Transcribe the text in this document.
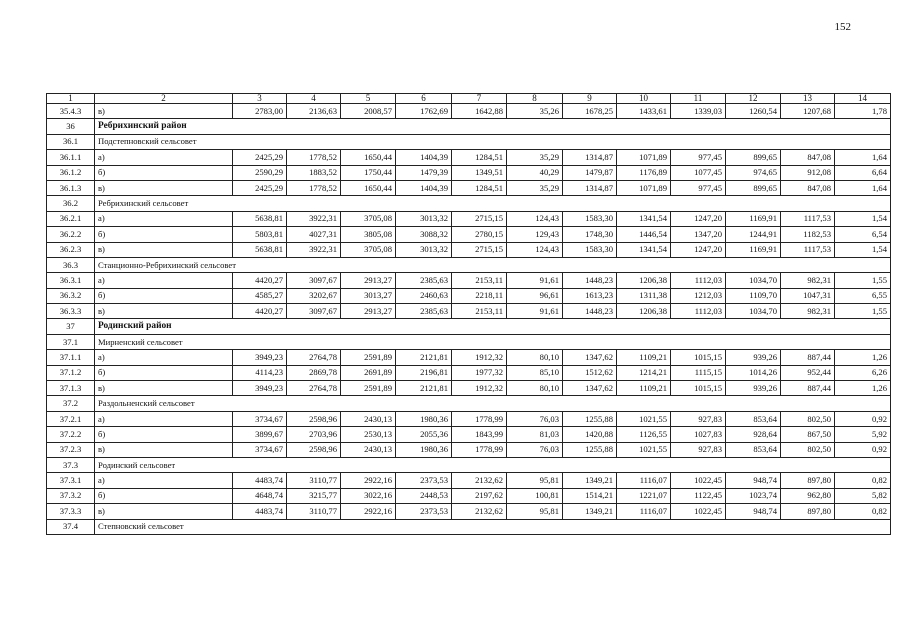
152
1	2	3	4	5	6	7	8	9	10	11	12	13	14
35.4.3	в)	2783,00	2136,63	2008,57	1762,69	1642,88	35,26	1678,25	1433,61	1339,03	1260,54	1207,68	1,78
36	Ребрихинский район												
36.1	Подстепновский сельсовет												
36.1.1	а)	2425,29	1778,52	1650,44	1404,39	1284,51	35,29	1314,87	1071,89	977,45	899,65	847,08	1,64
36.1.2	б)	2590,29	1883,52	1750,44	1479,39	1349,51	40,29	1479,87	1176,89	1077,45	974,65	912,08	6,64
36.1.3	в)	2425,29	1778,52	1650,44	1404,39	1284,51	35,29	1314,87	1071,89	977,45	899,65	847,08	1,64
36.2	Ребрихинский сельсовет												
36.2.1	а)	5638,81	3922,31	3705,08	3013,32	2715,15	124,43	1583,30	1341,54	1247,20	1169,91	1117,53	1,54
36.2.2	б)	5803,81	4027,31	3805,08	3088,32	2780,15	129,43	1748,30	1446,54	1347,20	1244,91	1182,53	6,54
36.2.3	в)	5638,81	3922,31	3705,08	3013,32	2715,15	124,43	1583,30	1341,54	1247,20	1169,91	1117,53	1,54
36.3	Станционно-Ребрихинский сельсовет												
36.3.1	а)	4420,27	3097,67	2913,27	2385,63	2153,11	91,61	1448,23	1206,38	1112,03	1034,70	982,31	1,55
36.3.2	б)	4585,27	3202,67	3013,27	2460,63	2218,11	96,61	1613,23	1311,38	1212,03	1109,70	1047,31	6,55
36.3.3	в)	4420,27	3097,67	2913,27	2385,63	2153,11	91,61	1448,23	1206,38	1112,03	1034,70	982,31	1,55
37	Родинский район												
37.1	Мирненский сельсовет												
37.1.1	а)	3949,23	2764,78	2591,89	2121,81	1912,32	80,10	1347,62	1109,21	1015,15	939,26	887,44	1,26
37.1.2	б)	4114,23	2869,78	2691,89	2196,81	1977,32	85,10	1512,62	1214,21	1115,15	1014,26	952,44	6,26
37.1.3	в)	3949,23	2764,78	2591,89	2121,81	1912,32	80,10	1347,62	1109,21	1015,15	939,26	887,44	1,26
37.2	Раздольненский сельсовет												
37.2.1	а)	3734,67	2598,96	2430,13	1980,36	1778,99	76,03	1255,88	1021,55	927,83	853,64	802,50	0,92
37.2.2	б)	3899,67	2703,96	2530,13	2055,36	1843,99	81,03	1420,88	1126,55	1027,83	928,64	867,50	5,92
37.2.3	в)	3734,67	2598,96	2430,13	1980,36	1778,99	76,03	1255,88	1021,55	927,83	853,64	802,50	0,92
37.3	Родинский сельсовет												
37.3.1	а)	4483,74	3110,77	2922,16	2373,53	2132,62	95,81	1349,21	1116,07	1022,45	948,74	897,80	0,82
37.3.2	б)	4648,74	3215,77	3022,16	2448,53	2197,62	100,81	1514,21	1221,07	1122,45	1023,74	962,80	5,82
37.3.3	в)	4483,74	3110,77	2922,16	2373,53	2132,62	95,81	1349,21	1116,07	1022,45	948,74	897,80	0,82
37.4	Степновский сельсовет												
